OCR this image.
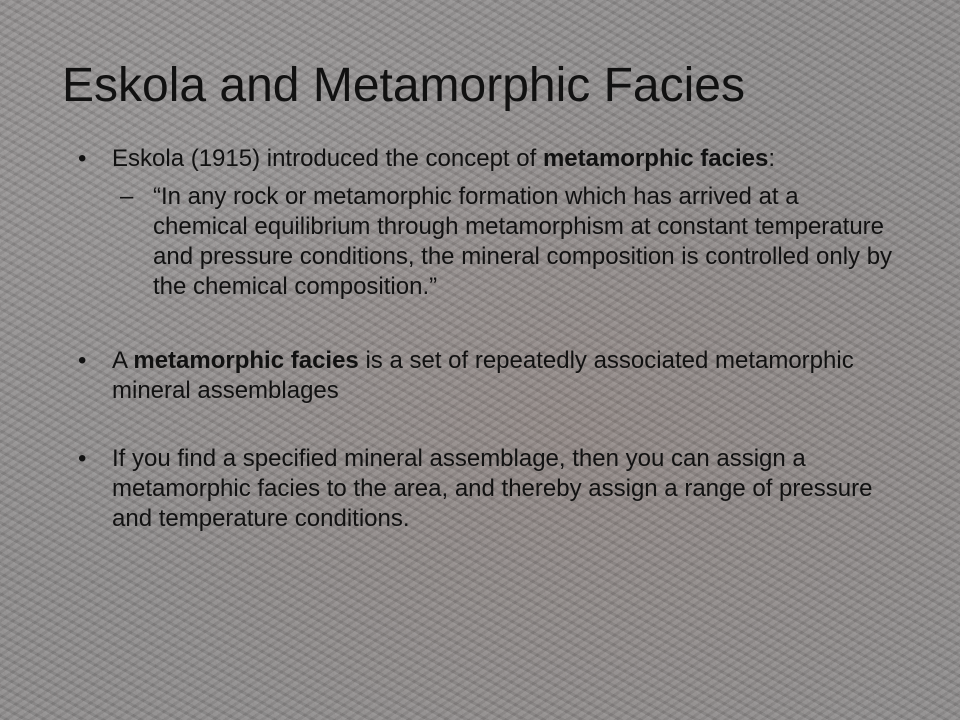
Eskola and Metamorphic Facies
• Eskola (1915) introduced the concept of metamorphic facies:
– “In any rock or metamorphic formation which has arrived at a chemical equilibrium through metamorphism at constant temperature and pressure conditions, the mineral composition is controlled only by the chemical composition.”
• A metamorphic facies is a set of repeatedly associated metamorphic mineral assemblages
• If you find a specified mineral assemblage, then you can assign a metamorphic facies to the area, and thereby assign a range of pressure and temperature conditions.
